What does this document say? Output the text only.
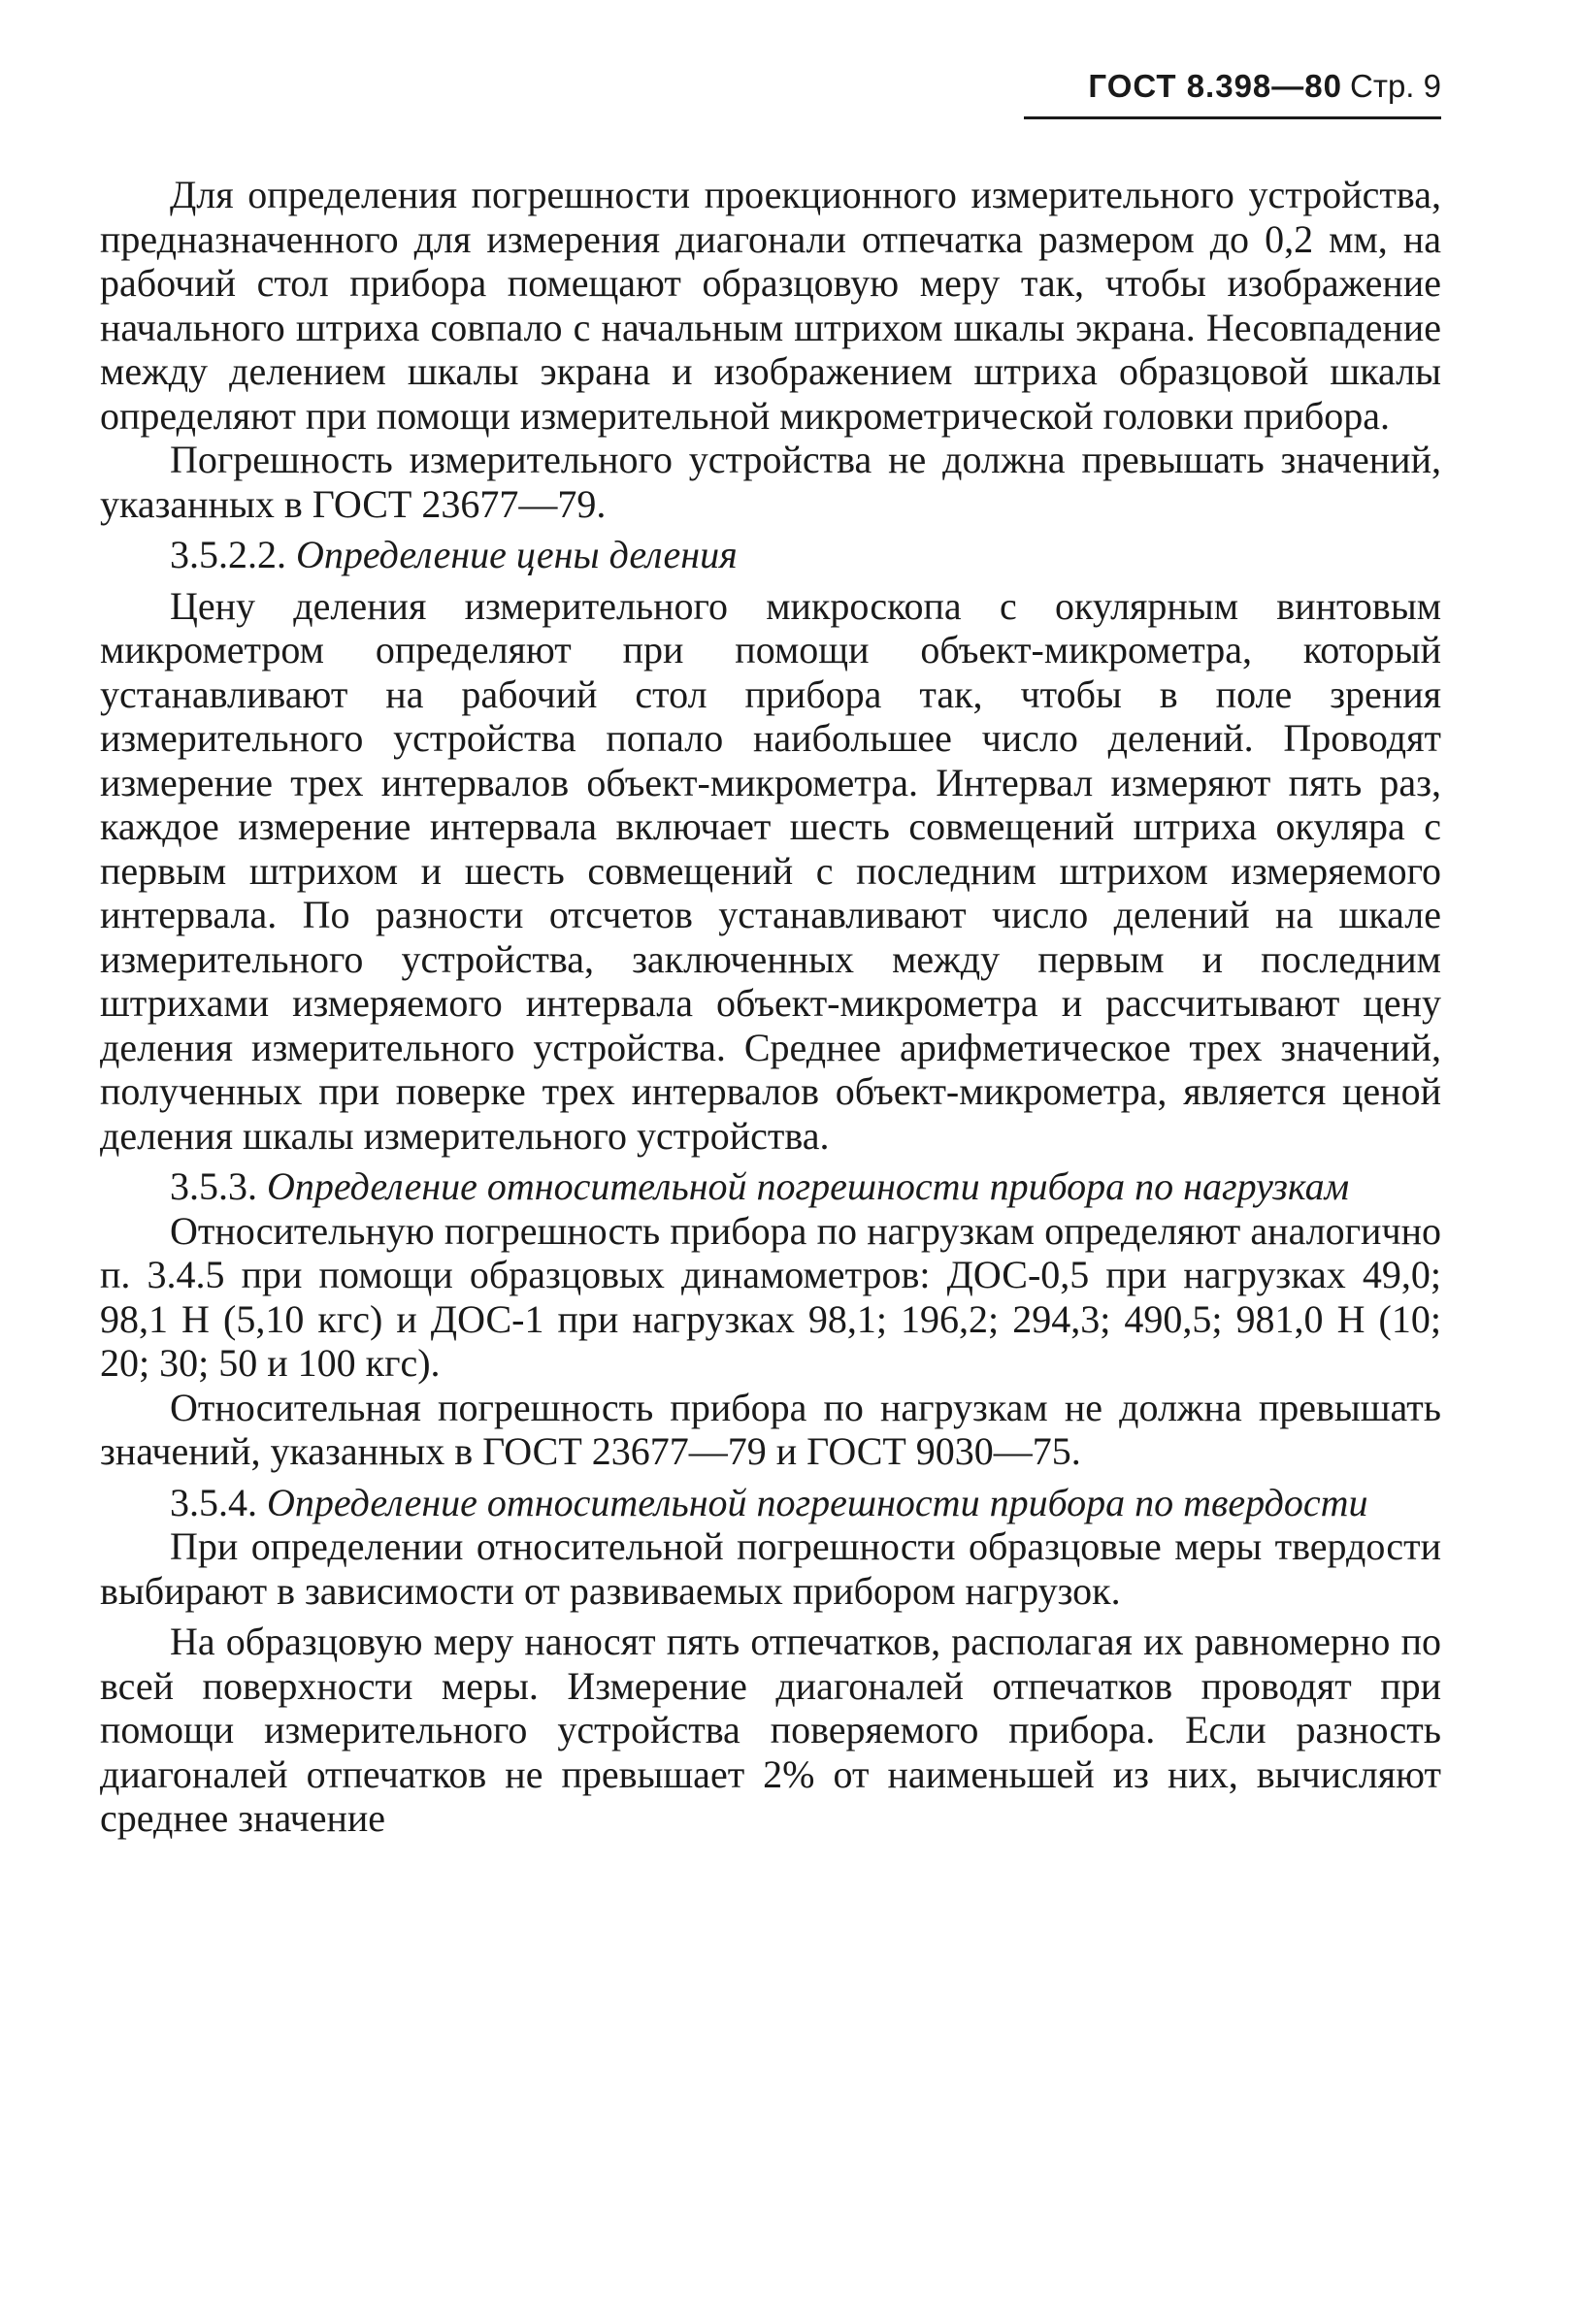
ГОСТ 8.398—80 Стр. 9

Для определения погрешности проекционного измерительного устройства, предназначенного для измерения диагонали отпечатка размером до 0,2 мм, на рабочий стол прибора помещают образцовую меру так, чтобы изображение начального штриха совпало с начальным штрихом шкалы экрана. Несовпадение между делением шкалы экрана и изображением штриха образцовой шкалы определяют при помощи измерительной микрометрической головки прибора.

Погрешность измерительного устройства не должна превышать значений, указанных в ГОСТ 23677—79.

3.5.2.2. Определение цены деления

Цену деления измерительного микроскопа с окулярным винтовым микрометром определяют при помощи объект-микрометра, который устанавливают на рабочий стол прибора так, чтобы в поле зрения измерительного устройства попало наибольшее число делений. Проводят измерение трех интервалов объект-микрометра. Интервал измеряют пять раз, каждое измерение интервала включает шесть совмещений штриха окуляра с первым штрихом и шесть совмещений с последним штрихом измеряемого интервала. По разности отсчетов устанавливают число делений на шкале измерительного устройства, заключенных между первым и последним штрихами измеряемого интервала объект-микрометра и рассчитывают цену деления измерительного устройства. Среднее арифметическое трех значений, полученных при поверке трех интервалов объект-микрометра, является ценой деления шкалы измерительного устройства.

3.5.3. Определение относительной погрешности прибора по нагрузкам

Относительную погрешность прибора по нагрузкам определяют аналогично п. 3.4.5 при помощи образцовых динамометров: ДОС-0,5 при нагрузках 49,0; 98,1 Н (5,10 кгс) и ДОС-1 при нагрузках 98,1; 196,2; 294,3; 490,5; 981,0 Н (10; 20; 30; 50 и 100 кгс).

Относительная погрешность прибора по нагрузкам не должна превышать значений, указанных в ГОСТ 23677—79 и ГОСТ 9030—75.

3.5.4. Определение относительной погрешности прибора по твердости

При определении относительной погрешности образцовые меры твердости выбирают в зависимости от развиваемых прибором нагрузок.

На образцовую меру наносят пять отпечатков, располагая их равномерно по всей поверхности меры. Измерение диагоналей отпечатков проводят при помощи измерительного устройства поверяемого прибора. Если разность диагоналей отпечатков не превышает 2% от наименьшей из них, вычисляют среднее значение
